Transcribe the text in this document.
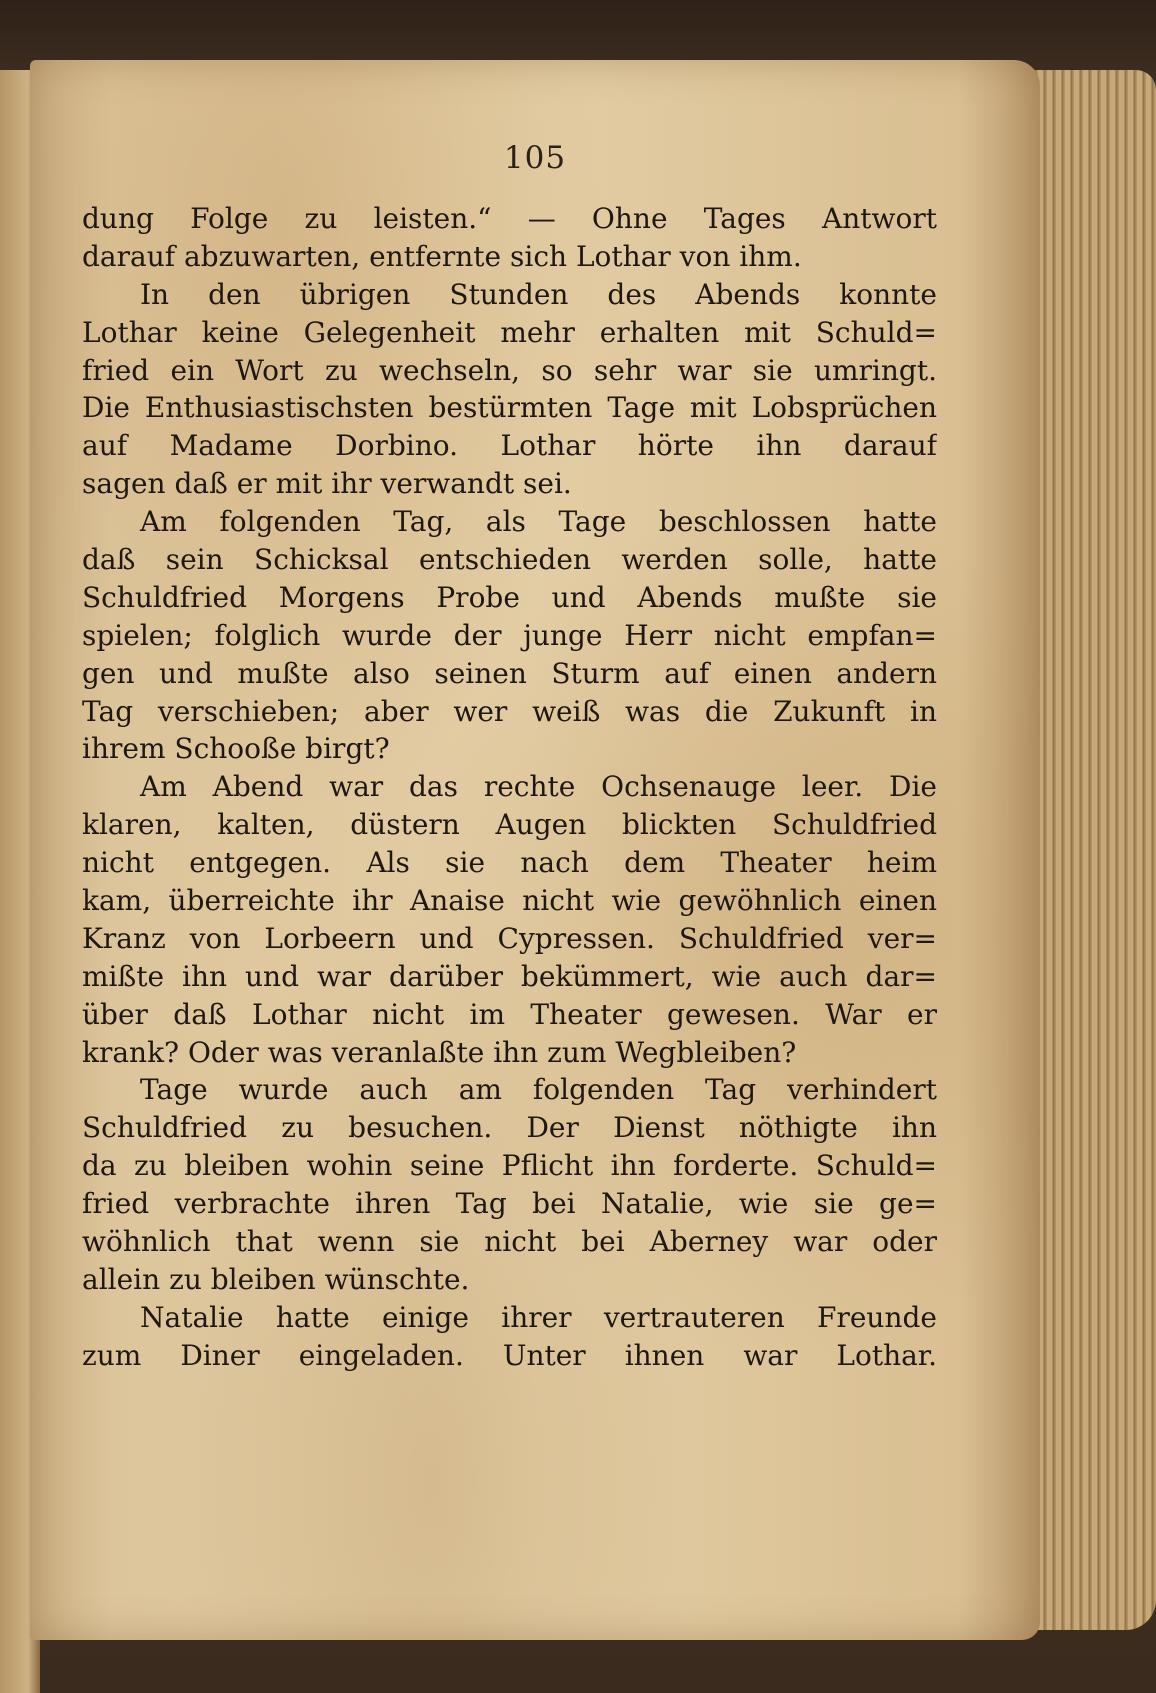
105
dung Folge zu leisten.“ — Ohne Tages Antwort
darauf abzuwarten, entfernte sich Lothar von ihm.
In den übrigen Stunden des Abends konnte
Lothar keine Gelegenheit mehr erhalten mit Schuld=
fried ein Wort zu wechseln, so sehr war sie umringt.
Die Enthusiastischsten bestürmten Tage mit Lobsprüchen
auf Madame Dorbino. Lothar hörte ihn darauf
sagen daß er mit ihr verwandt sei.
Am folgenden Tag, als Tage beschlossen hatte
daß sein Schicksal entschieden werden solle, hatte
Schuldfried Morgens Probe und Abends mußte sie
spielen; folglich wurde der junge Herr nicht empfan=
gen und mußte also seinen Sturm auf einen andern
Tag verschieben; aber wer weiß was die Zukunft in
ihrem Schooße birgt?
Am Abend war das rechte Ochsenauge leer. Die
klaren, kalten, düstern Augen blickten Schuldfried
nicht entgegen. Als sie nach dem Theater heim
kam, überreichte ihr Anaise nicht wie gewöhnlich einen
Kranz von Lorbeern und Cypressen. Schuldfried ver=
mißte ihn und war darüber bekümmert, wie auch dar=
über daß Lothar nicht im Theater gewesen. War er
krank? Oder was veranlaßte ihn zum Wegbleiben?
Tage wurde auch am folgenden Tag verhindert
Schuldfried zu besuchen. Der Dienst nöthigte ihn
da zu bleiben wohin seine Pflicht ihn forderte. Schuld=
fried verbrachte ihren Tag bei Natalie, wie sie ge=
wöhnlich that wenn sie nicht bei Aberney war oder
allein zu bleiben wünschte.
Natalie hatte einige ihrer vertrauteren Freunde
zum Diner eingeladen. Unter ihnen war Lothar.
